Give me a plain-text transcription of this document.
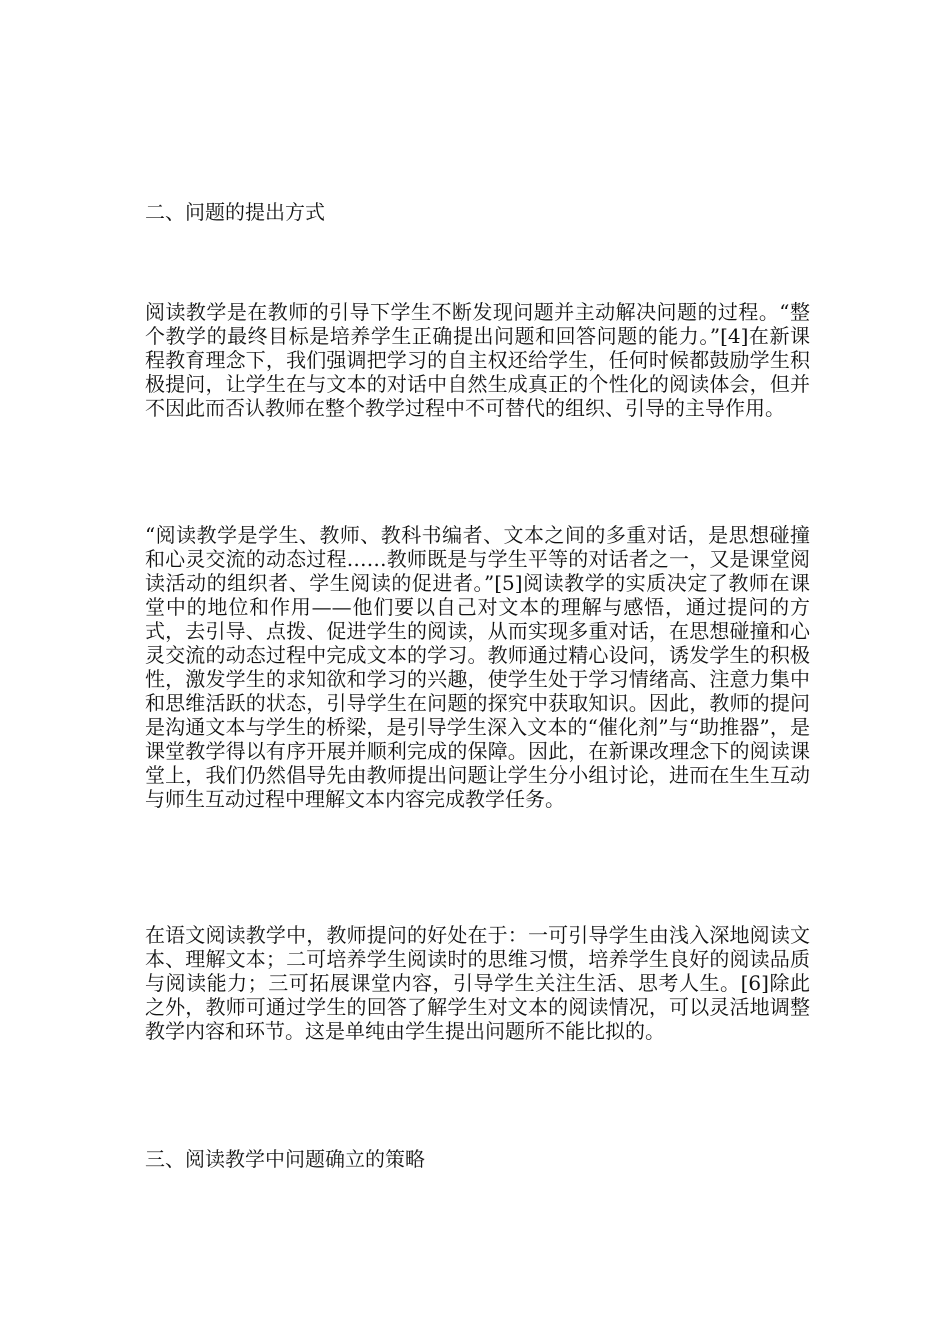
二、问题的提出方式
阅读教学是在教师的引导下学生不断发现问题并主动解决问题的过程。“整个教学的最终目标是培养学生正确提出问题和回答问题的能力。”[4]在新课程教育理念下，我们强调把学习的自主权还给学生，任何时候都鼓励学生积极提问，让学生在与文本的对话中自然生成真正的个性化的阅读体会，但并不因此而否认教师在整个教学过程中不可替代的组织、引导的主导作用。
“阅读教学是学生、教师、教科书编者、文本之间的多重对话，是思想碰撞和心灵交流的动态过程……教师既是与学生平等的对话者之一，又是课堂阅读活动的组织者、学生阅读的促进者。”[5]阅读教学的实质决定了教师在课堂中的地位和作用——他们要以自己对文本的理解与感悟，通过提问的方式，去引导、点拨、促进学生的阅读，从而实现多重对话，在思想碰撞和心灵交流的动态过程中完成文本的学习。教师通过精心设问，诱发学生的积极性，激发学生的求知欲和学习的兴趣，使学生处于学习情绪高、注意力集中和思维活跃的状态，引导学生在问题的探究中获取知识。因此，教师的提问是沟通文本与学生的桥梁，是引导学生深入文本的“催化剂”与“助推器”，是课堂教学得以有序开展并顺利完成的保障。因此，在新课改理念下的阅读课堂上，我们仍然倡导先由教师提出问题让学生分小组讨论，进而在生生互动与师生互动过程中理解文本内容完成教学任务。
在语文阅读教学中，教师提问的好处在于：一可引导学生由浅入深地阅读文本、理解文本；二可培养学生阅读时的思维习惯，培养学生良好的阅读品质与阅读能力；三可拓展课堂内容，引导学生关注生活、思考人生。[6]除此之外，教师可通过学生的回答了解学生对文本的阅读情况，可以灵活地调整教学内容和环节。这是单纯由学生提出问题所不能比拟的。
三、阅读教学中问题确立的策略
